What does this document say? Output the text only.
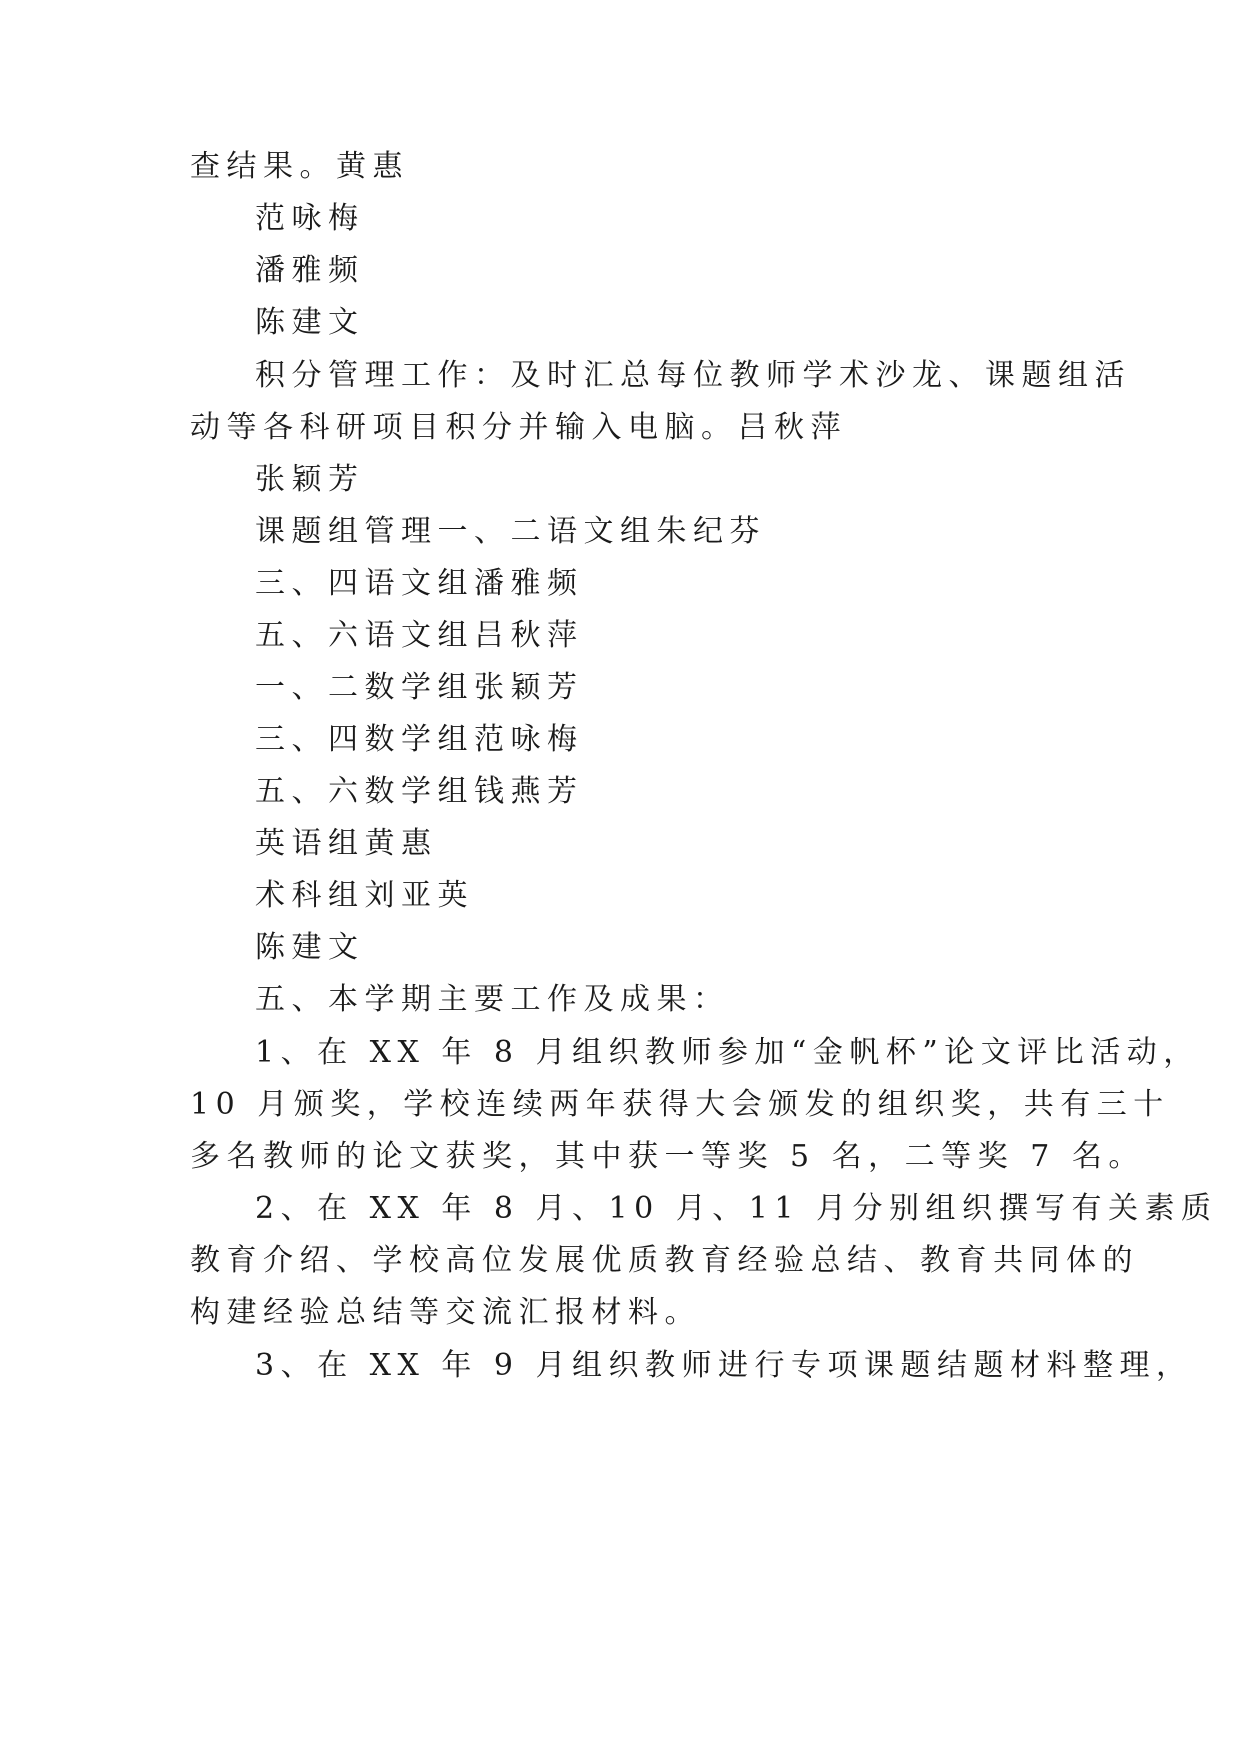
查结果。黄惠
范咏梅
潘雅频
陈建文
积分管理工作：及时汇总每位教师学术沙龙、课题组活
动等各科研项目积分并输入电脑。吕秋萍
张颖芳
课题组管理一、二语文组朱纪芬
三、四语文组潘雅频
五、六语文组吕秋萍
一、二数学组张颖芳
三、四数学组范咏梅
五、六数学组钱燕芳
英语组黄惠
术科组刘亚英
陈建文
五、本学期主要工作及成果：
1、在 XX 年 8 月组织教师参加“金帆杯”论文评比活动，
10 月颁奖，学校连续两年获得大会颁发的组织奖，共有三十
多名教师的论文获奖，其中获一等奖 5 名，二等奖 7 名。
2、在 XX 年 8 月、10 月、11 月分别组织撰写有关素质
教育介绍、学校高位发展优质教育经验总结、教育共同体的
构建经验总结等交流汇报材料。
3、在 XX 年 9 月组织教师进行专项课题结题材料整理，
